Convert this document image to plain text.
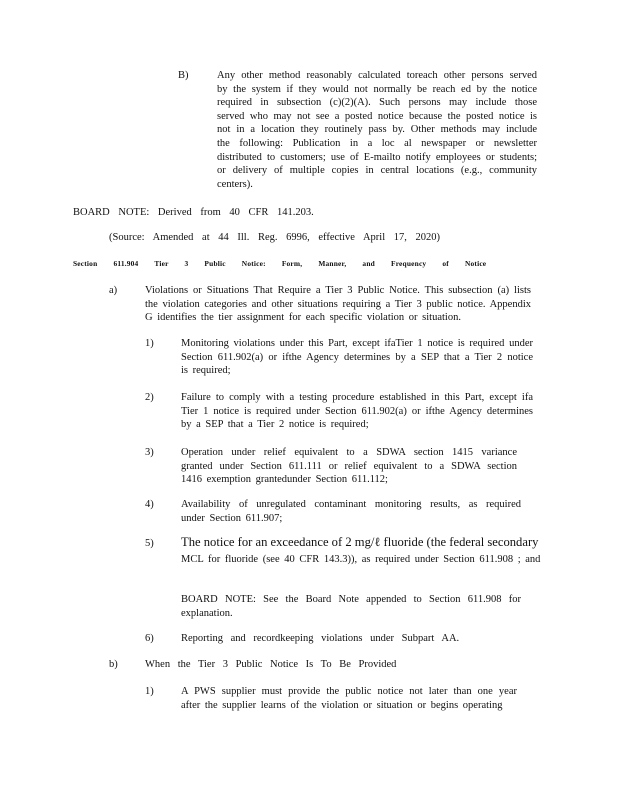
B)	Any other method reasonably calculated toreach other persons served by the system if they would not normally be reach ed by the notice required in subsection (c)(2)(A). Such persons may include those served who may not see a posted notice because the posted notice is not in a location they routinely pass by. Other methods may include the following: Publication in a loc al newspaper or newsletter distributed to customers; use of E-mailto notify employees or students; or delivery of multiple copies in central locations (e.g., community centers).
BOARD NOTE: Derived from 40 CFR 141.203.
(Source: Amended at 44 Ill. Reg. 6996, effective April 17, 2020)
Section 611.904 Tier 3 Public Notice: Form, Manner, and Frequency of Notice
a)	Violations or Situations That Require a Tier 3 Public Notice. This subsection (a) lists the violation categories and other situations requiring a Tier 3 public notice. Appendix G identifies the tier assignment for each specific violation or situation.
1)	Monitoring violations under this Part, except ifaTier 1 notice is required under Section 611.902(a) or ifthe Agency determines by a SEP that a Tier 2 notice is required;
2)	Failure to comply with a testing procedure established in this Part, except ifa Tier 1 notice is required under Section 611.902(a) or ifthe Agency determines by a SEP that a Tier 2 notice is required;
3)	Operation under relief equivalent to a SDWA section 1415 variance granted under Section 611.111 or relief equivalent to a SDWA section 1416 exemption grantedunder Section 611.112;
4)	Availability of unregulated contaminant monitoring results, as required under Section 611.907;
5) The notice for an exceedance of 2 mg/ℓ fluoride (the federal secondary
MCL for fluoride (see 40 CFR 143.3)), as required under Section 611.908 ; and
BOARD NOTE: See the Board Note appended to Section 611.908 for explanation.
6)	Reporting and recordkeeping violations under Subpart AA.
b)	When the Tier 3 Public Notice Is To Be Provided
1)	A PWS supplier must provide the public notice not later than one year after the supplier learns of the violation or situation or begins operating
